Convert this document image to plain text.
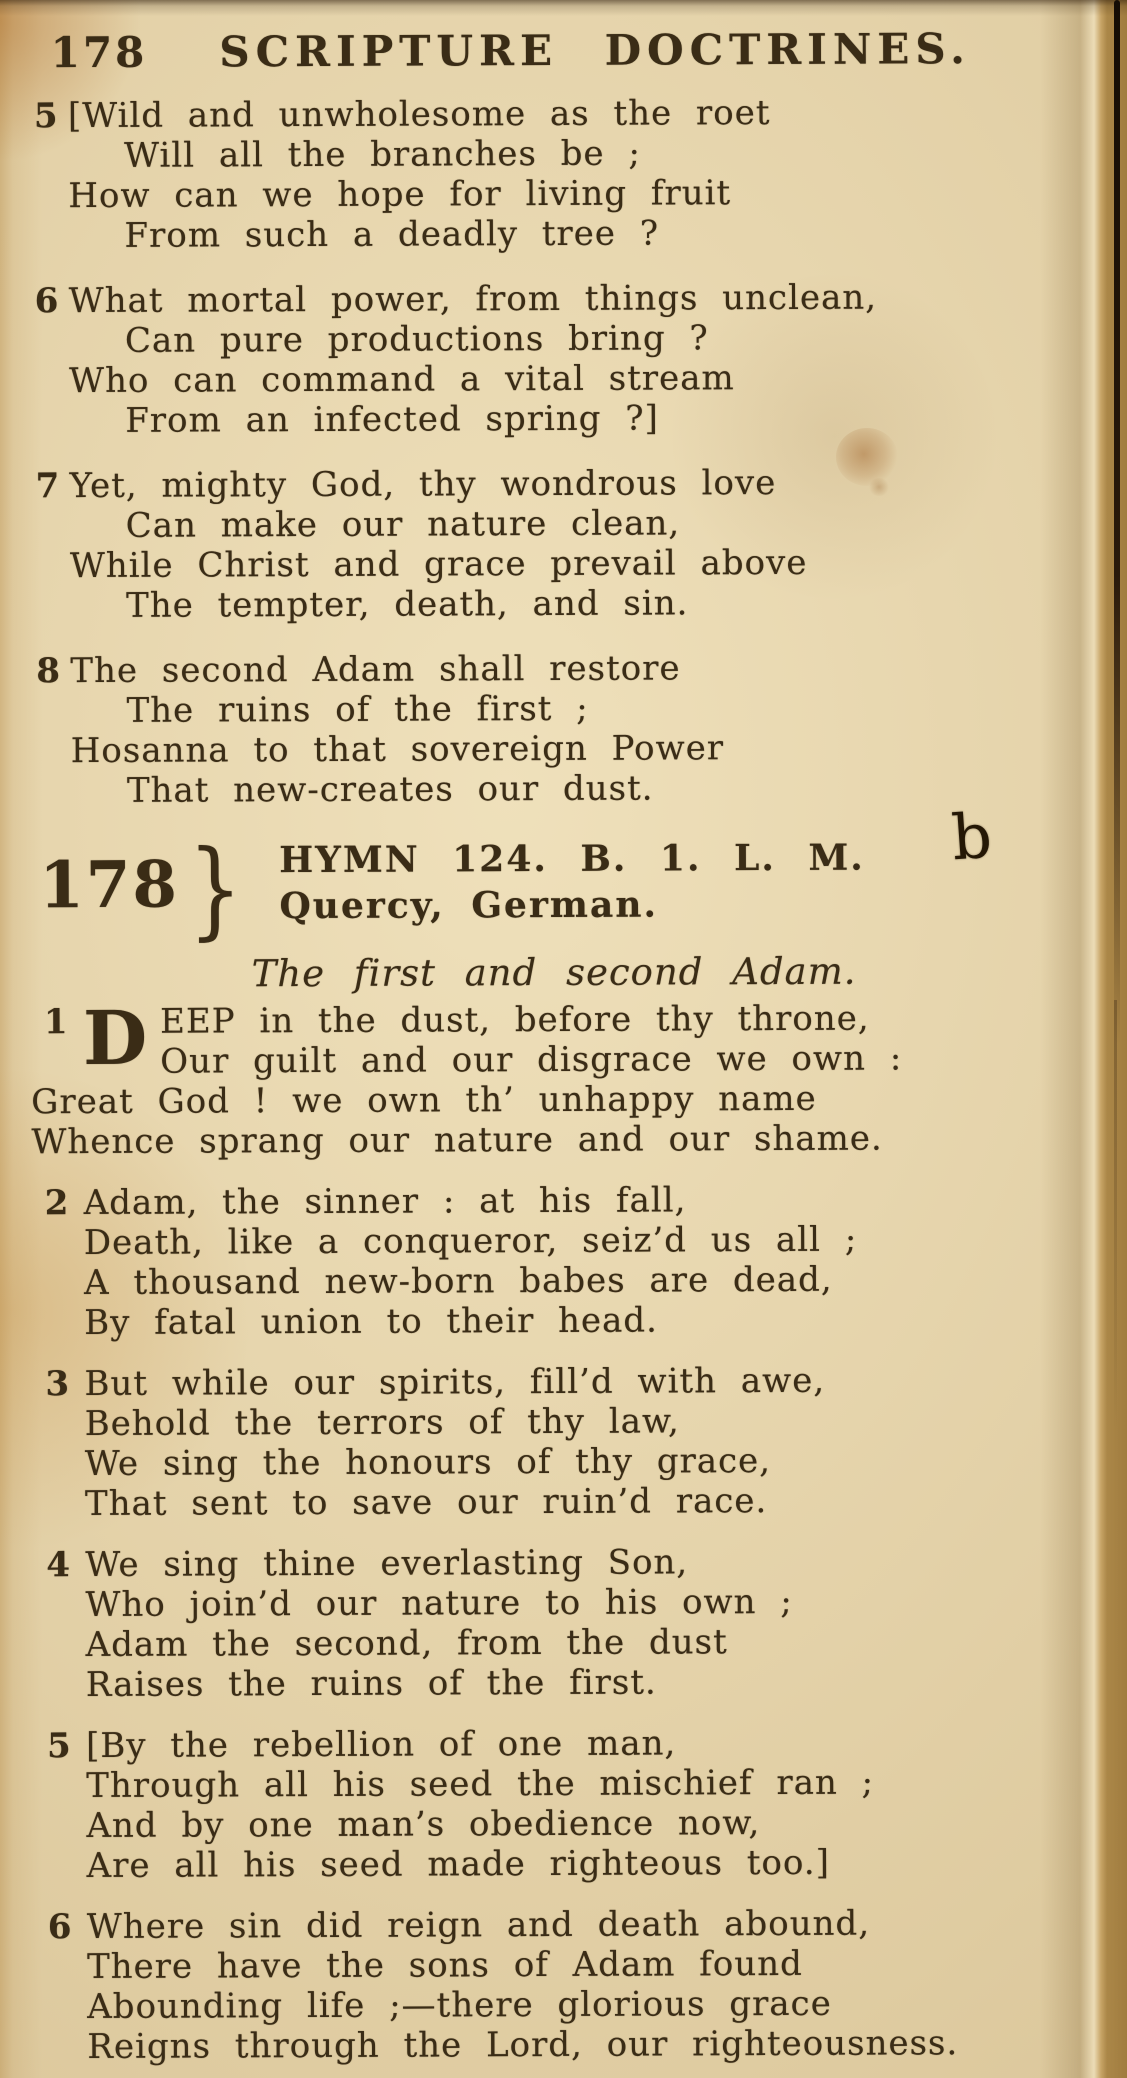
178 SCRIPTURE DOCTRINES.
5 [Wild and unwholesome as the roet
Will all the branches be ;
How can we hope for living fruit
From such a deadly tree ?
6 What mortal power, from things unclean,
Can pure productions bring ?
Who can command a vital stream
From an infected spring ?]
7 Yet, mighty God, thy wondrous love
Can make our nature clean,
While Christ and grace prevail above
The tempter, death, and sin.
8 The second Adam shall restore
The ruins of the first ;
Hosanna to that sovereign Power
That new-creates our dust.
178 } HYMN 124. B. 1. L. M.
Quercy, German.
The first and second Adam.
1 D EEP in the dust, before thy throne,
Our guilt and our disgrace we own :
Great God ! we own th’ unhappy name
Whence sprang our nature and our shame.
2 Adam, the sinner : at his fall,
Death, like a conqueror, seiz’d us all ;
A thousand new-born babes are dead,
By fatal union to their head.
3 But while our spirits, fill’d with awe,
Behold the terrors of thy law,
We sing the honours of thy grace,
That sent to save our ruin’d race.
4 We sing thine everlasting Son,
Who join’d our nature to his own ;
Adam the second, from the dust
Raises the ruins of the first.
5 [By the rebellion of one man,
Through all his seed the mischief ran ;
And by one man’s obedience now,
Are all his seed made righteous too.]
6 Where sin did reign and death abound,
There have the sons of Adam found
Abounding life ;—there glorious grace
Reigns through the Lord, our righteousness.
b
